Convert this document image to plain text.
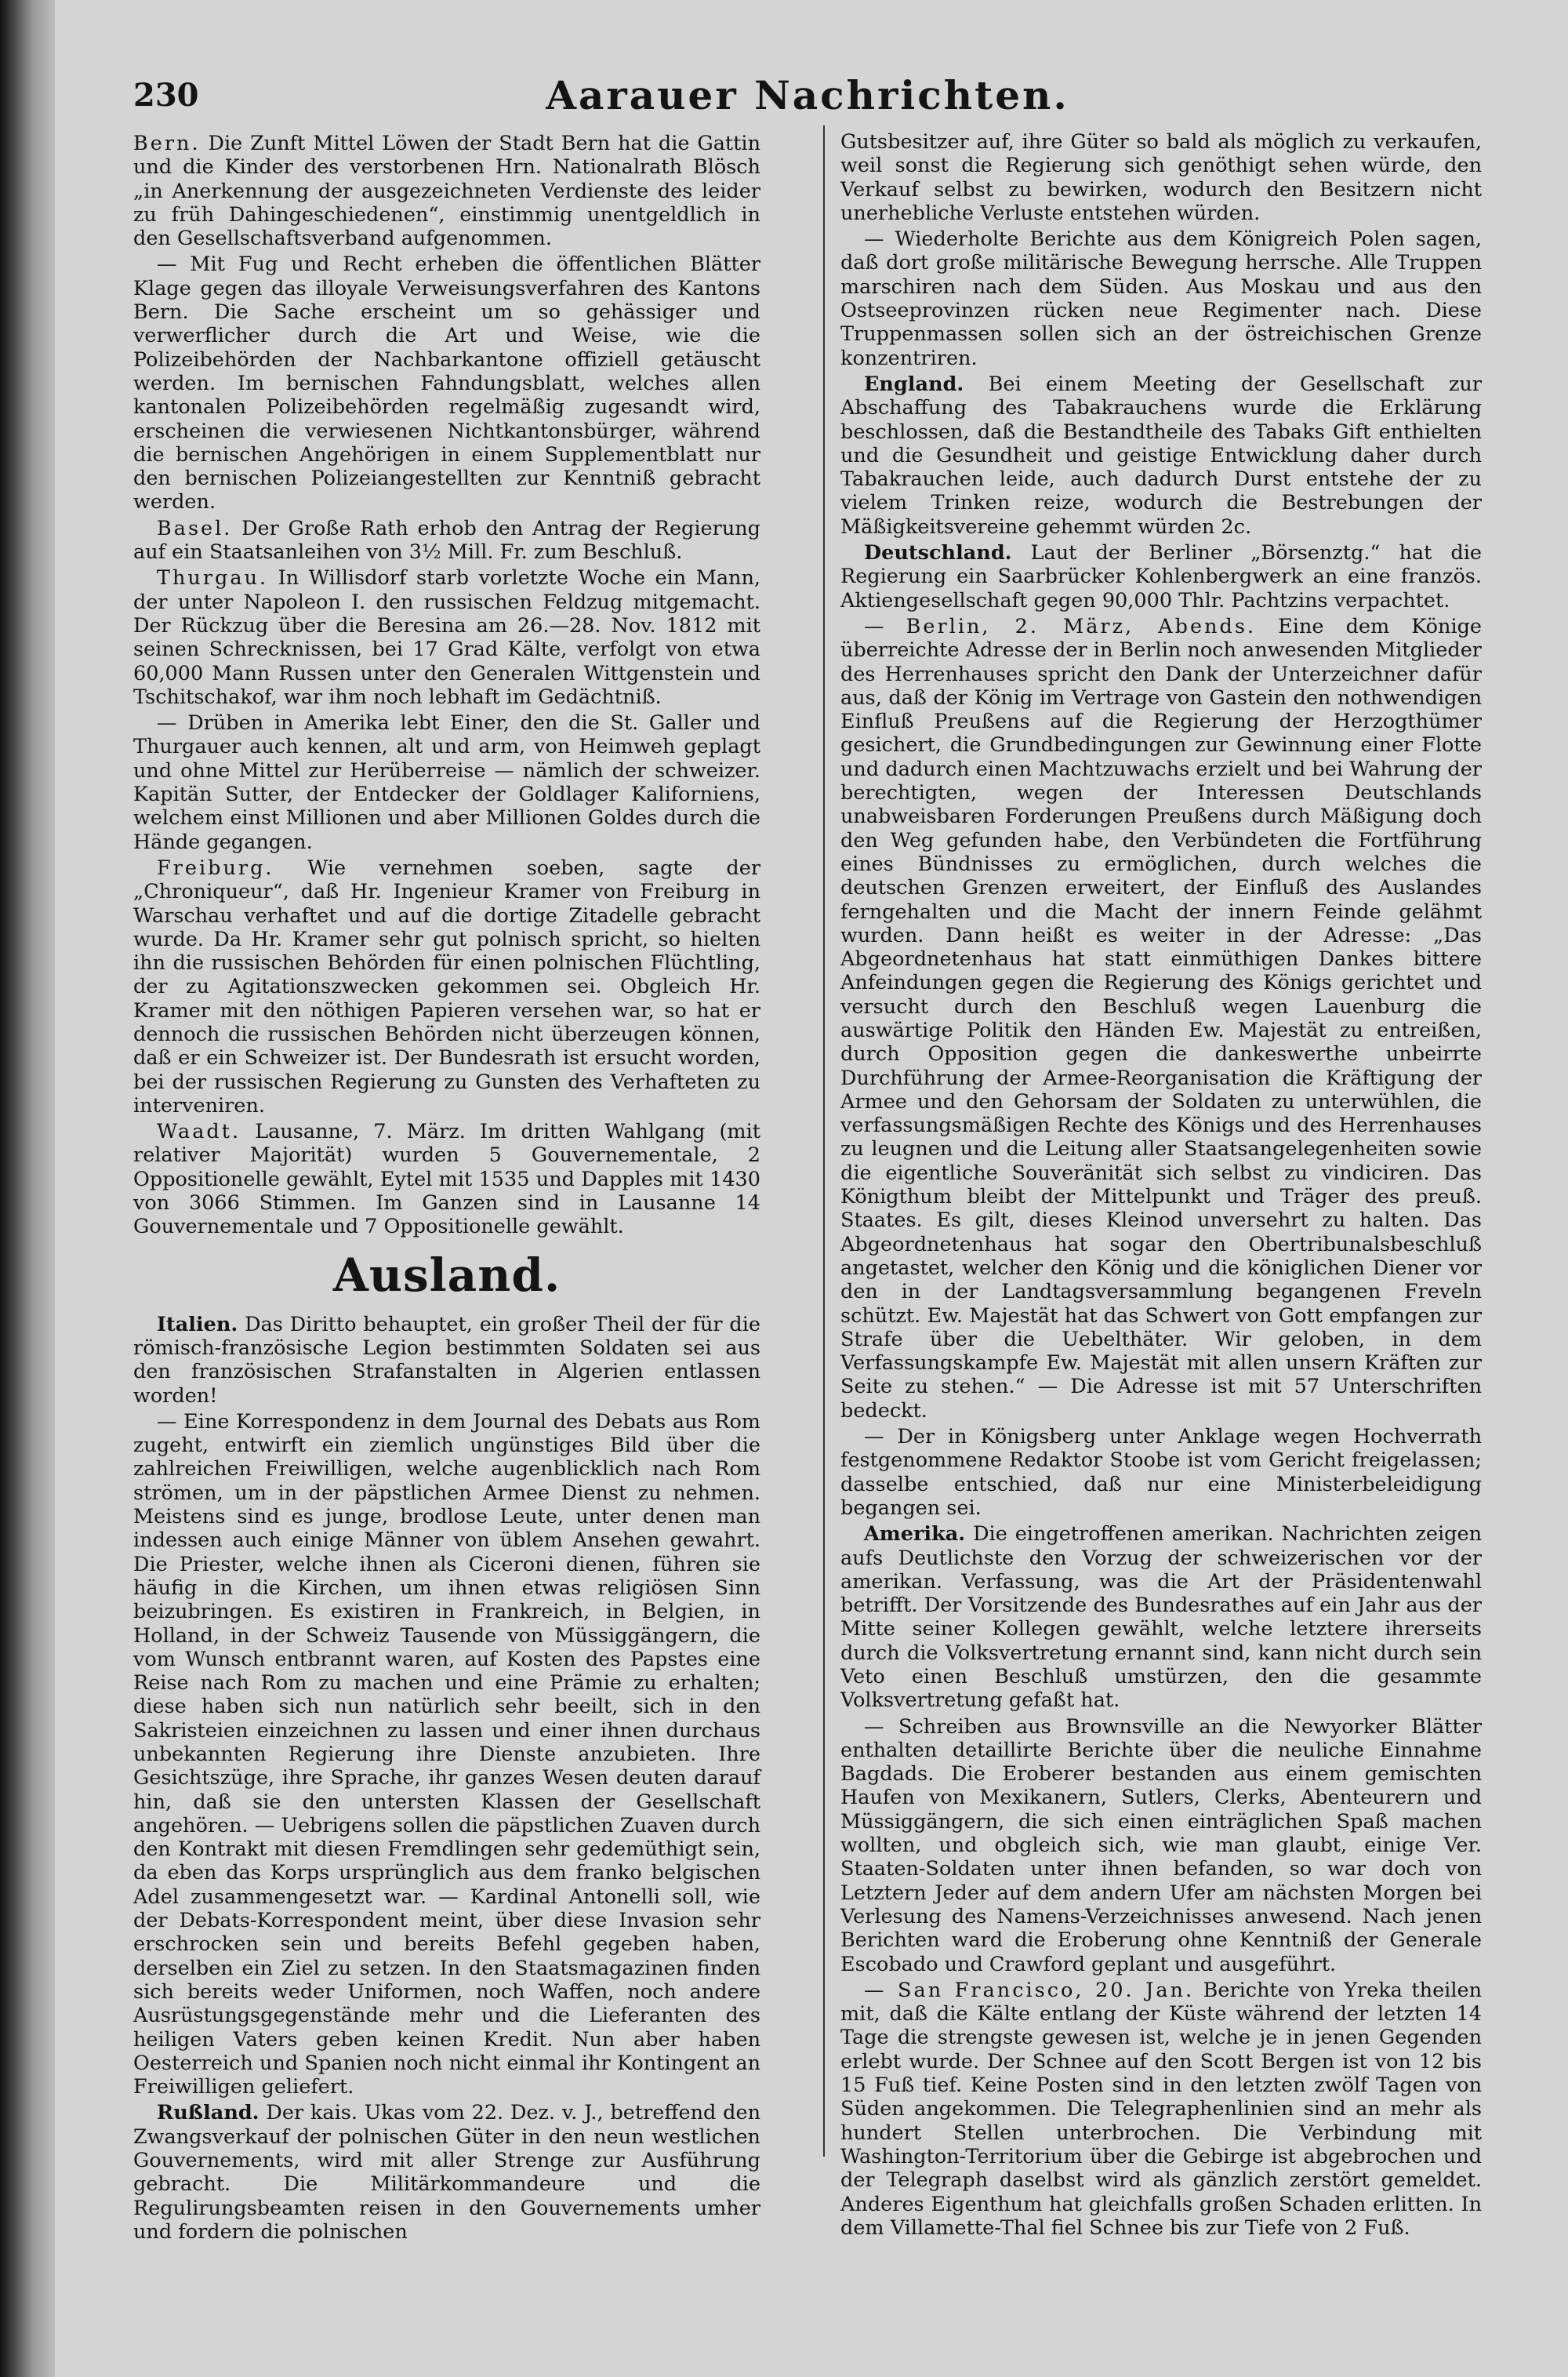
230	Aarauer Nachrichten.

Bern. Die Zunft Mittel Löwen der Stadt Bern hat die Gattin und die Kinder des verstorbenen Hrn. Nationalrath Blösch „in Anerkennung der ausgezeichneten Verdienste des leider zu früh Dahingeschiedenen“, einstimmig unentgeldlich in den Gesellschaftsverband aufgenommen.

— Mit Fug und Recht erheben die öffentlichen Blätter Klage gegen das illoyale Verweisungsverfahren des Kantons Bern. Die Sache erscheint um so gehässiger und verwerflicher durch die Art und Weise, wie die Polizeibehörden der Nachbarkantone offiziell getäuscht werden. Im bernischen Fahndungsblatt, welches allen kantonalen Polizeibehörden regelmäßig zugesandt wird, erscheinen die verwiesenen Nichtkantonsbürger, während die bernischen Angehörigen in einem Supplementblatt nur den bernischen Polizeiangestellten zur Kenntniß gebracht werden.

Basel. Der Große Rath erhob den Antrag der Regierung auf ein Staatsanleihen von 3½ Mill. Fr. zum Beschluß.

Thurgau. In Willisdorf starb vorletzte Woche ein Mann, der unter Napoleon I. den russischen Feldzug mitgemacht. Der Rückzug über die Beresina am 26.—28. Nov. 1812 mit seinen Schrecknissen, bei 17 Grad Kälte, verfolgt von etwa 60,000 Mann Russen unter den Generalen Wittgenstein und Tschitschakof, war ihm noch lebhaft im Gedächtniß.

— Drüben in Amerika lebt Einer, den die St. Galler und Thurgauer auch kennen, alt und arm, von Heimweh geplagt und ohne Mittel zur Herüberreise — nämlich der schweizer. Kapitän Sutter, der Entdecker der Goldlager Kaliforniens, welchem einst Millionen und aber Millionen Goldes durch die Hände gegangen.

Freiburg. Wie vernehmen soeben, sagte der „Chroniqueur“, daß Hr. Ingenieur Kramer von Freiburg in Warschau verhaftet und auf die dortige Zitadelle gebracht wurde. Da Hr. Kramer sehr gut polnisch spricht, so hielten ihn die russischen Behörden für einen polnischen Flüchtling, der zu Agitationszwecken gekommen sei. Obgleich Hr. Kramer mit den nöthigen Papieren versehen war, so hat er dennoch die russischen Behörden nicht überzeugen können, daß er ein Schweizer ist. Der Bundesrath ist ersucht worden, bei der russischen Regierung zu Gunsten des Verhafteten zu interveniren.

Waadt. Lausanne, 7. März. Im dritten Wahlgang (mit relativer Majorität) wurden 5 Gouvernementale, 2 Oppositionelle gewählt, Eytel mit 1535 und Dapples mit 1430 von 3066 Stimmen. Im Ganzen sind in Lausanne 14 Gouvernementale und 7 Oppositionelle gewählt.

Ausland.

Italien. Das Diritto behauptet, ein großer Theil der für die römisch-französische Legion bestimmten Soldaten sei aus den französischen Strafanstalten in Algerien entlassen worden!

— Eine Korrespondenz in dem Journal des Debats aus Rom zugeht, entwirft ein ziemlich ungünstiges Bild über die zahlreichen Freiwilligen, welche augenblicklich nach Rom strömen, um in der päpstlichen Armee Dienst zu nehmen. Meistens sind es junge, brodlose Leute, unter denen man indessen auch einige Männer von üblem Ansehen gewahrt. Die Priester, welche ihnen als Ciceroni dienen, führen sie häufig in die Kirchen, um ihnen etwas religiösen Sinn beizubringen. Es existiren in Frankreich, in Belgien, in Holland, in der Schweiz Tausende von Müssiggängern, die vom Wunsch entbrannt waren, auf Kosten des Papstes eine Reise nach Rom zu machen und eine Prämie zu erhalten; diese haben sich nun natürlich sehr beeilt, sich in den Sakristeien einzeichnen zu lassen und einer ihnen durchaus unbekannten Regierung ihre Dienste anzubieten. Ihre Gesichtszüge, ihre Sprache, ihr ganzes Wesen deuten darauf hin, daß sie den untersten Klassen der Gesellschaft angehören. — Uebrigens sollen die päpstlichen Zuaven durch den Kontrakt mit diesen Fremdlingen sehr gedemüthigt sein, da eben das Korps ursprünglich aus dem franko belgischen Adel zusammengesetzt war. — Kardinal Antonelli soll, wie der Debats-Korrespondent meint, über diese Invasion sehr erschrocken sein und bereits Befehl gegeben haben, derselben ein Ziel zu setzen. In den Staatsmagazinen finden sich bereits weder Uniformen, noch Waffen, noch andere Ausrüstungsgegenstände mehr und die Lieferanten des heiligen Vaters geben keinen Kredit. Nun aber haben Oesterreich und Spanien noch nicht einmal ihr Kontingent an Freiwilligen geliefert.

Rußland. Der kais. Ukas vom 22. Dez. v. J., betreffend den Zwangsverkauf der polnischen Güter in den neun westlichen Gouvernements, wird mit aller Strenge zur Ausführung gebracht. Die Militärkommandeure und die Regulirungsbeamten reisen in den Gouvernements umher und fordern die polnischen

Gutsbesitzer auf, ihre Güter so bald als möglich zu verkaufen, weil sonst die Regierung sich genöthigt sehen würde, den Verkauf selbst zu bewirken, wodurch den Besitzern nicht unerhebliche Verluste entstehen würden.

— Wiederholte Berichte aus dem Königreich Polen sagen, daß dort große militärische Bewegung herrsche. Alle Truppen marschiren nach dem Süden. Aus Moskau und aus den Ostseeprovinzen rücken neue Regimenter nach. Diese Truppenmassen sollen sich an der östreichischen Grenze konzentriren.

England. Bei einem Meeting der Gesellschaft zur Abschaffung des Tabakrauchens wurde die Erklärung beschlossen, daß die Bestandtheile des Tabaks Gift enthielten und die Gesundheit und geistige Entwicklung daher durch Tabakrauchen leide, auch dadurch Durst entstehe der zu vielem Trinken reize, wodurch die Bestrebungen der Mäßigkeitsvereine gehemmt würden 2c.

Deutschland. Laut der Berliner „Börsenztg.“ hat die Regierung ein Saarbrücker Kohlenbergwerk an eine französ. Aktiengesellschaft gegen 90,000 Thlr. Pachtzins verpachtet.

— Berlin, 2. März, Abends. Eine dem Könige überreichte Adresse der in Berlin noch anwesenden Mitglieder des Herrenhauses spricht den Dank der Unterzeichner dafür aus, daß der König im Vertrage von Gastein den nothwendigen Einfluß Preußens auf die Regierung der Herzogthümer gesichert, die Grundbedingungen zur Gewinnung einer Flotte und dadurch einen Machtzuwachs erzielt und bei Wahrung der berechtigten, wegen der Interessen Deutschlands unabweisbaren Forderungen Preußens durch Mäßigung doch den Weg gefunden habe, den Verbündeten die Fortführung eines Bündnisses zu ermöglichen, durch welches die deutschen Grenzen erweitert, der Einfluß des Auslandes ferngehalten und die Macht der innern Feinde gelähmt wurden. Dann heißt es weiter in der Adresse: „Das Abgeordnetenhaus hat statt einmüthigen Dankes bittere Anfeindungen gegen die Regierung des Königs gerichtet und versucht durch den Beschluß wegen Lauenburg die auswärtige Politik den Händen Ew. Majestät zu entreißen, durch Opposition gegen die dankeswerthe unbeirrte Durchführung der Armee-Reorganisation die Kräftigung der Armee und den Gehorsam der Soldaten zu unterwühlen, die verfassungsmäßigen Rechte des Königs und des Herrenhauses zu leugnen und die Leitung aller Staatsangelegenheiten sowie die eigentliche Souveränität sich selbst zu vindiciren. Das Königthum bleibt der Mittelpunkt und Träger des preuß. Staates. Es gilt, dieses Kleinod unversehrt zu halten. Das Abgeordnetenhaus hat sogar den Obertribunalsbeschluß angetastet, welcher den König und die königlichen Diener vor den in der Landtagsversammlung begangenen Freveln schützt. Ew. Majestät hat das Schwert von Gott empfangen zur Strafe über die Uebelthäter. Wir geloben, in dem Verfassungskampfe Ew. Majestät mit allen unsern Kräften zur Seite zu stehen.“ — Die Adresse ist mit 57 Unterschriften bedeckt.

— Der in Königsberg unter Anklage wegen Hochverrath festgenommene Redaktor Stoobe ist vom Gericht freigelassen; dasselbe entschied, daß nur eine Ministerbeleidigung begangen sei.

Amerika. Die eingetroffenen amerikan. Nachrichten zeigen aufs Deutlichste den Vorzug der schweizerischen vor der amerikan. Verfassung, was die Art der Präsidentenwahl betrifft. Der Vorsitzende des Bundesrathes auf ein Jahr aus der Mitte seiner Kollegen gewählt, welche letztere ihrerseits durch die Volksvertretung ernannt sind, kann nicht durch sein Veto einen Beschluß umstürzen, den die gesammte Volksvertretung gefaßt hat.

— Schreiben aus Brownsville an die Newyorker Blätter enthalten detaillirte Berichte über die neuliche Einnahme Bagdads. Die Eroberer bestanden aus einem gemischten Haufen von Mexikanern, Sutlers, Clerks, Abenteurern und Müssiggängern, die sich einen einträglichen Spaß machen wollten, und obgleich sich, wie man glaubt, einige Ver. Staaten-Soldaten unter ihnen befanden, so war doch von Letztern Jeder auf dem andern Ufer am nächsten Morgen bei Verlesung des Namens-Verzeichnisses anwesend. Nach jenen Berichten ward die Eroberung ohne Kenntniß der Generale Escobado und Crawford geplant und ausgeführt.

— San Francisco, 20. Jan. Berichte von Yreka theilen mit, daß die Kälte entlang der Küste während der letzten 14 Tage die strengste gewesen ist, welche je in jenen Gegenden erlebt wurde. Der Schnee auf den Scott Bergen ist von 12 bis 15 Fuß tief. Keine Posten sind in den letzten zwölf Tagen von Süden angekommen. Die Telegraphenlinien sind an mehr als hundert Stellen unterbrochen. Die Verbindung mit Washington-Territorium über die Gebirge ist abgebrochen und der Telegraph daselbst wird als gänzlich zerstört gemeldet. Anderes Eigenthum hat gleichfalls großen Schaden erlitten. In dem Villamette-Thal fiel Schnee bis zur Tiefe von 2 Fuß.
